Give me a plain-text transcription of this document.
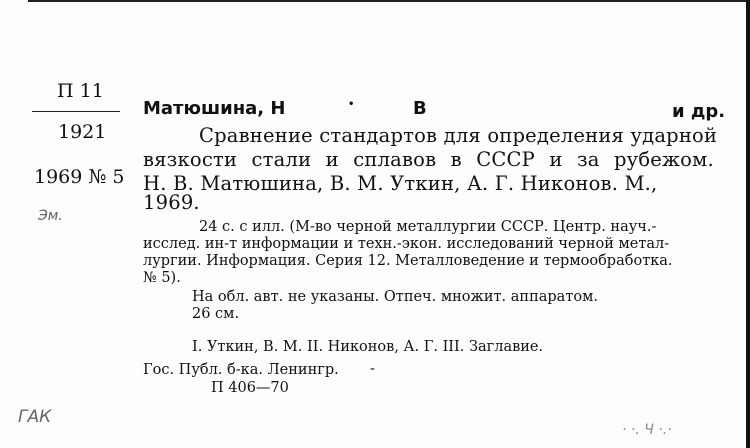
П 11
1921
1969 № 5
Эм.
Матюшина, Н	•	В	и др.
Сравнение стандартов для определения ударной
вязкости стали и сплавов в СССР и за рубежом.
Н. В. Матюшина, В. М. Уткин, А. Г. Никонов. М.,
1969.
24 с. с илл. (М-во черной металлургии СССР. Центр. науч.-
исслед. ин-т информации и техн.-экон. исследований черной метал-
лургии. Информация. Серия 12. Металловедение и термообработка.
№ 5).
На обл. авт. не указаны. Отпеч. множит. аппаратом.
26 см.
I. Уткин, В. М. II. Никонов, А. Г. III. Заглавие.
Гос. Публ. б-ка. Ленингр. -
П 406—70
ГАК
· ·. Ч ·.·
